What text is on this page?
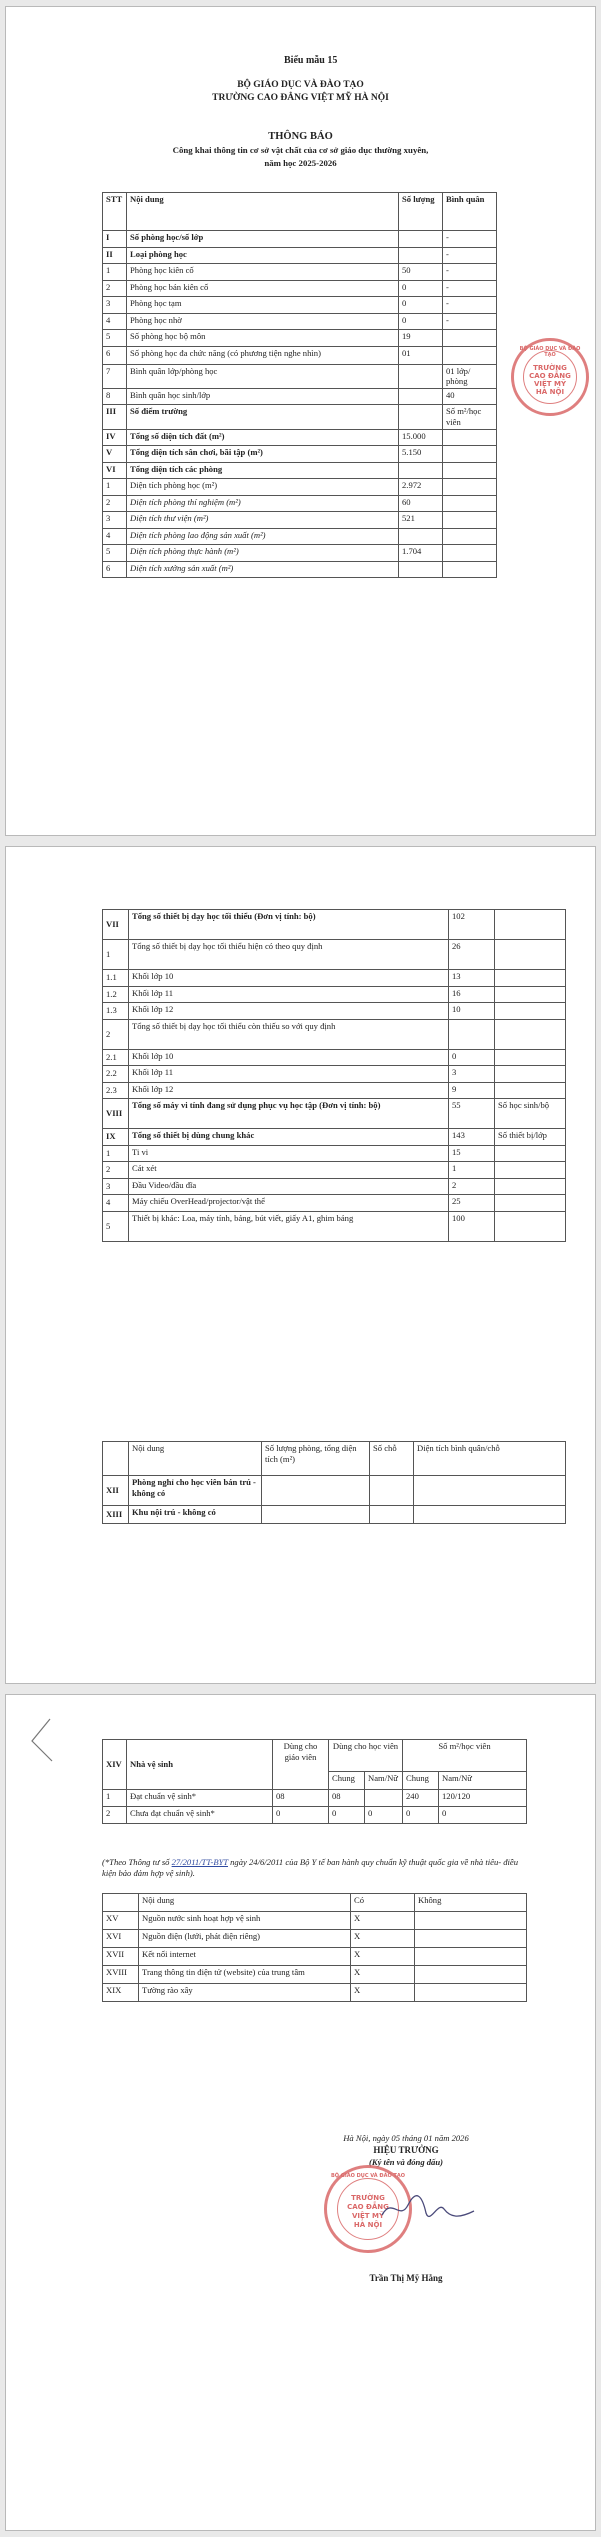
Biểu mẫu 15
BỘ GIÁO DỤC VÀ ĐÀO TẠO
TRƯỜNG CAO ĐẲNG VIỆT MỸ HÀ NỘI
THÔNG BÁO
Công khai thông tin cơ sở vật chất của cơ sở giáo dục thường xuyên,
năm học 2025-2026
STT	Nội dung	Số lượng	Bình quân
I	Số phòng học/số lớp		-
II	Loại phòng học		-
1	Phòng học kiên cố	50	-
2	Phòng học bán kiên cố	0	-
3	Phòng học tạm	0	-
4	Phòng học nhờ	0	-
5	Số phòng học bộ môn	19	
6	Số phòng học đa chức năng (có phương tiện nghe nhìn)	01	
7	Bình quân lớp/phòng học		01 lớp/ phòng
8	Bình quân học sinh/lớp		40
III	Số điểm trường		Số m²/học viên
IV	Tổng số diện tích đất (m²)	15.000	
V	Tổng diện tích sân chơi, bãi tập (m²)	5.150	
VI	Tổng diện tích các phòng		
1	Diện tích phòng học (m²)	2.972	
2	Diện tích phòng thí nghiệm (m²)	60	
3	Diện tích thư viện (m²)	521	
4	Diện tích phòng lao động sản xuất (m²)		
5	Diện tích phòng thực hành (m²)	1.704	
6	Diện tích xưởng sản xuất (m²)		
BỘ GIÁO DỤC VÀ ĐÀO TẠO
TRƯỜNG
CAO ĐẲNG
VIỆT MỸ
HÀ NỘI
VII	Tổng số thiết bị dạy học tối thiểu (Đơn vị tính: bộ)	102	
1	Tổng số thiết bị dạy học tối thiểu hiện có theo quy định	26	
1.1	Khối lớp 10	13	
1.2	Khối lớp 11	16	
1.3	Khối lớp 12	10	
2	Tổng số thiết bị dạy học tối thiểu còn thiếu so với quy định		
2.1	Khối lớp 10	0	
2.2	Khối lớp 11	3	
2.3	Khối lớp 12	9	
VIII	Tổng số máy vi tính đang sử dụng phục vụ học tập (Đơn vị tính: bộ)	55	Số học sinh/bộ
IX	Tổng số thiết bị dùng chung khác	143	Số thiết bị/lớp
1	Ti vi	15	
2	Cát xét	1	
3	Đầu Video/đầu đĩa	2	
4	Máy chiếu OverHead/projector/vật thể	25	
5	Thiết bị khác: Loa, máy tính, bảng, bút viết, giấy A1, ghim bảng	100	
	Nội dung	Số lượng phòng, tổng diện tích (m²)	Số chỗ	Diện tích bình quân/chỗ
XII	Phòng nghỉ cho học viên bán trú - không có			
XIII	Khu nội trú - không có			
XIV	Nhà vệ sinh	Dùng cho giáo viên	Dùng cho học viên		Số m²/học viên	
			Chung	Nam/Nữ	Chung	Nam/Nữ
1	Đạt chuẩn vệ sinh*	08	08		240	120/120
2	Chưa đạt chuẩn vệ sinh*	0	0	0	0	0
(*Theo Thông tư số 27/2011/TT-BYT ngày 24/6/2011 của Bộ Y tế ban hành quy chuẩn kỹ thuật quốc gia về nhà tiêu- điều kiện bảo đảm hợp vệ sinh).
	Nội dung	Có	Không
XV	Nguồn nước sinh hoạt hợp vệ sinh	X	
XVI	Nguồn điện (lưới, phát điện riêng)	X	
XVII	Kết nối internet	X	
XVIII	Trang thông tin điện tử (website) của trung tâm	X	
XIX	Tường rào xây	X	
Hà Nội, ngày 05 tháng 01 năm 2026
HIỆU TRƯỞNG
(Ký tên và đóng dấu)
BỘ GIÁO DỤC VÀ ĐÀO TẠO
TRƯỜNG
CAO ĐẲNG
VIỆT MỸ
HÀ NỘI
Trần Thị Mỹ Hằng
